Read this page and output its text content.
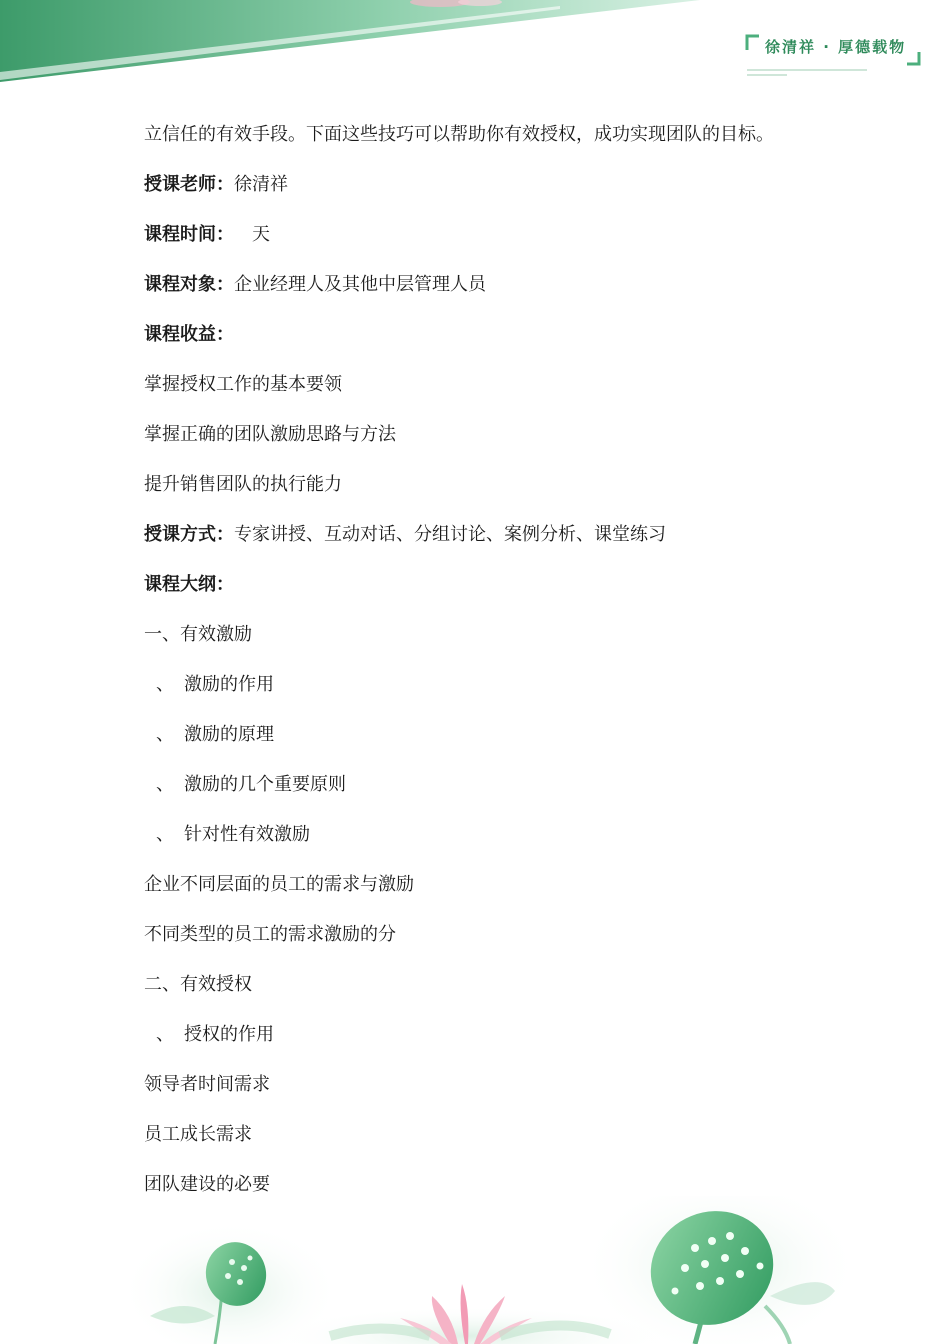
徐清祥 · 厚德载物
立信任的有效手段。下面这些技巧可以帮助你有效授权，成功实现团队的目标。
授课老师：徐清祥
课程时间： 天
课程对象：企业经理人及其他中层管理人员
课程收益：
掌握授权工作的基本要领
掌握正确的团队激励思路与方法
提升销售团队的执行能力
授课方式：专家讲授、互动对话、分组讨论、案例分析、课堂练习
课程大纲：
一、有效激励
、 激励的作用
、 激励的原理
、 激励的几个重要原则
、 针对性有效激励
企业不同层面的员工的需求与激励
不同类型的员工的需求激励的分
二、有效授权
、 授权的作用
领导者时间需求
员工成长需求
团队建设的必要
